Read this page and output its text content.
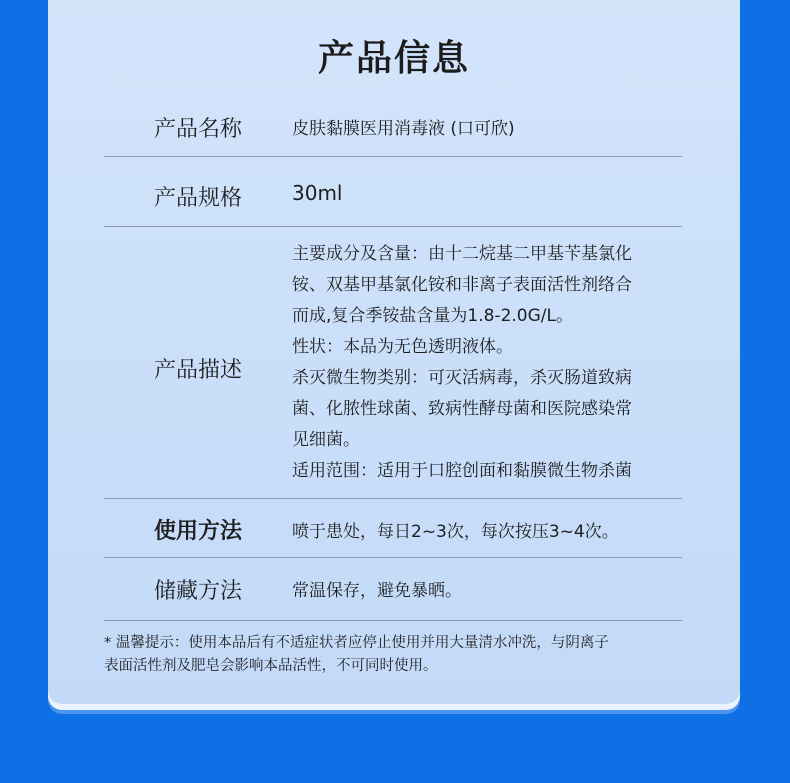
产品信息
产品名称	皮肤黏膜医用消毒液 (口可欣)
产品规格	30ml
产品描述
主要成分及含量：由十二烷基二甲基苄基氯化
铵、双基甲基氯化铵和非离子表面活性剂络合
而成,复合季铵盐含量为1.8-2.0G/L。
性状：本品为无色透明液体。
杀灭微生物类别：可灭活病毒，杀灭肠道致病
菌、化脓性球菌、致病性酵母菌和医院感染常
见细菌。
适用范围：适用于口腔创面和黏膜微生物杀菌
使用方法	喷于患处，每日2~3次，每次按压3~4次。
储藏方法	常温保存，避免暴晒。
* 温馨提示：使用本品后有不适症状者应停止使用并用大量清水冲洗，与阴离子
表面活性剂及肥皂会影响本品活性，不可同时使用。
